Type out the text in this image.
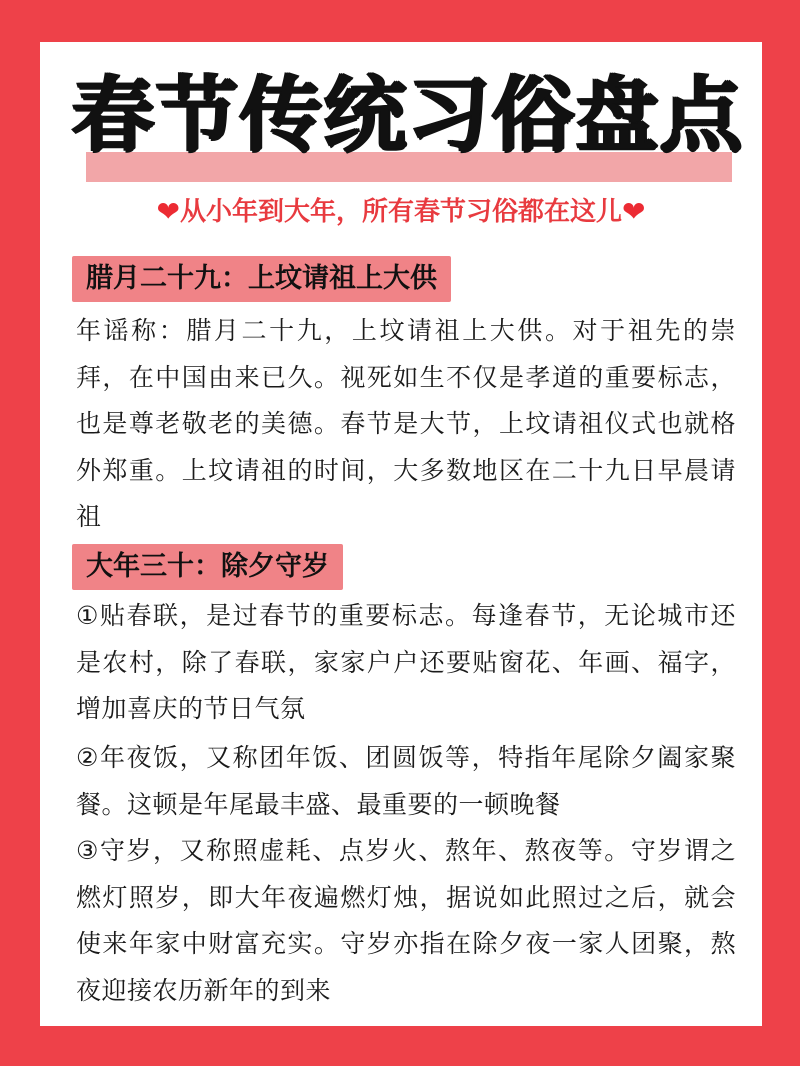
春节传统习俗盘点
❤从小年到大年，所有春节习俗都在这儿❤
腊月二十九：上坟请祖上大供

年谣称：腊月二十九，上坟请祖上大供。对于祖先的崇拜，在中国由来已久。视死如生不仅是孝道的重要标志，也是尊老敬老的美德。春节是大节，上坟请祖仪式也就格外郑重。上坟请祖的时间，大多数地区在二十九日早晨请祖

大年三十：除夕守岁

①贴春联，是过春节的重要标志。每逢春节，无论城市还是农村，除了春联，家家户户还要贴窗花、年画、福字，增加喜庆的节日气氛

②年夜饭，又称团年饭、团圆饭等，特指年尾除夕阖家聚餐。这顿是年尾最丰盛、最重要的一顿晚餐

③守岁，又称照虚耗、点岁火、熬年、熬夜等。守岁谓之燃灯照岁，即大年夜遍燃灯烛，据说如此照过之后，就会使来年家中财富充实。守岁亦指在除夕夜一家人团聚，熬夜迎接农历新年的到来
